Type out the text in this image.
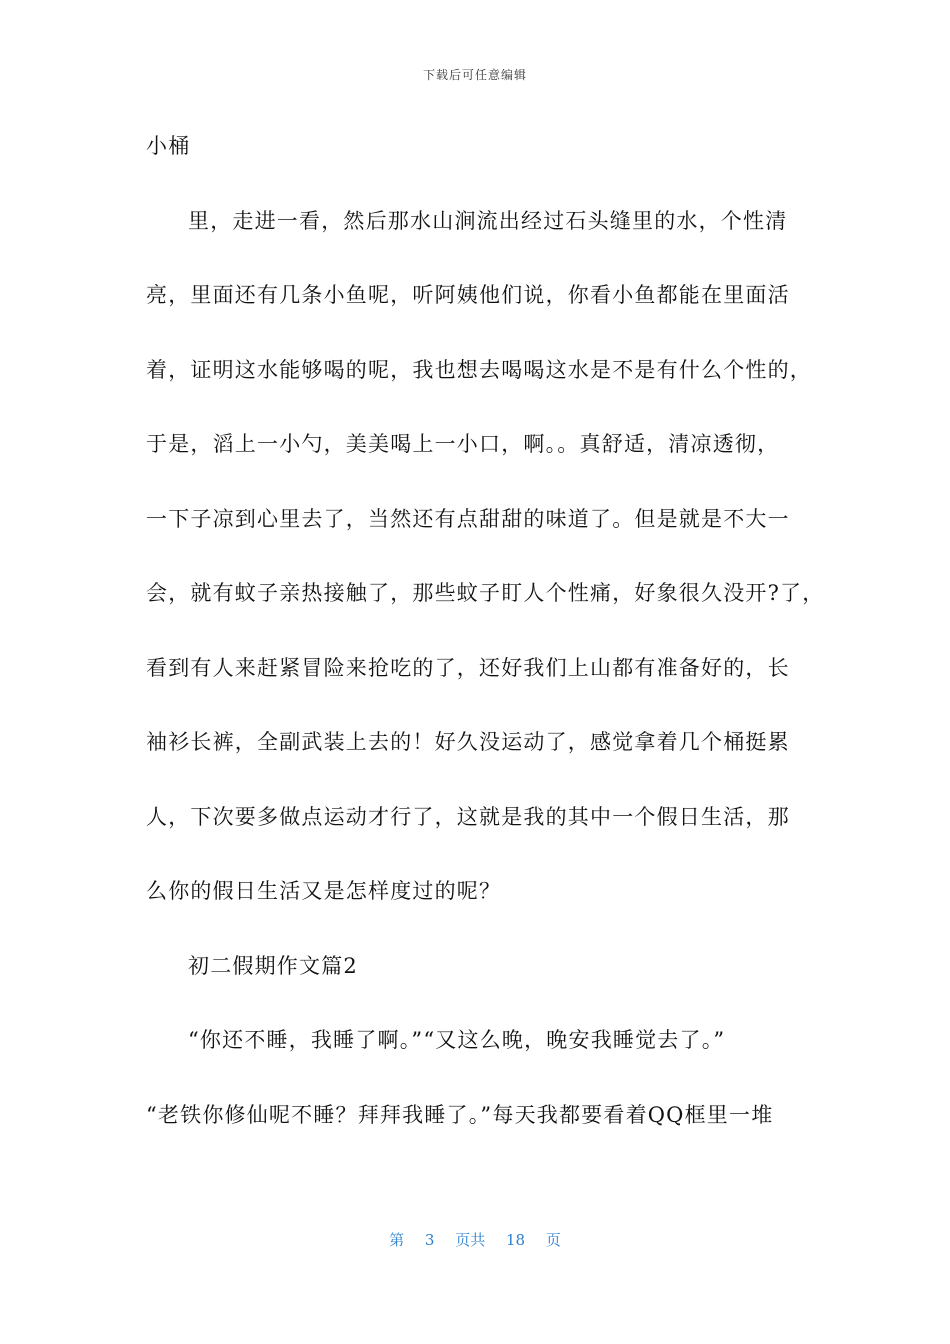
下载后可任意编辑
小桶
里，走进一看，然后那水山涧流出经过石头缝里的水，个性清
亮，里面还有几条小鱼呢，听阿姨他们说，你看小鱼都能在里面活
着，证明这水能够喝的呢，我也想去喝喝这水是不是有什么个性的，
于是，滔上一小勺，美美喝上一小口，啊。。真舒适，清凉透彻，
一下子凉到心里去了，当然还有点甜甜的味道了。但是就是不大一
会，就有蚊子亲热接触了，那些蚊子盯人个性痛，好象很久没开?了，
看到有人来赶紧冒险来抢吃的了，还好我们上山都有准备好的，长
袖衫长裤，全副武装上去的！好久没运动了，感觉拿着几个桶挺累
人，下次要多做点运动才行了，这就是我的其中一个假日生活，那
么你的假日生活又是怎样度过的呢？
初二假期作文篇2
“你还不睡，我睡了啊。”“又这么晚，晚安我睡觉去了。”
“老铁你修仙呢不睡？拜拜我睡了。”每天我都要看着QQ框里一堆
第 3 页共 18 页
